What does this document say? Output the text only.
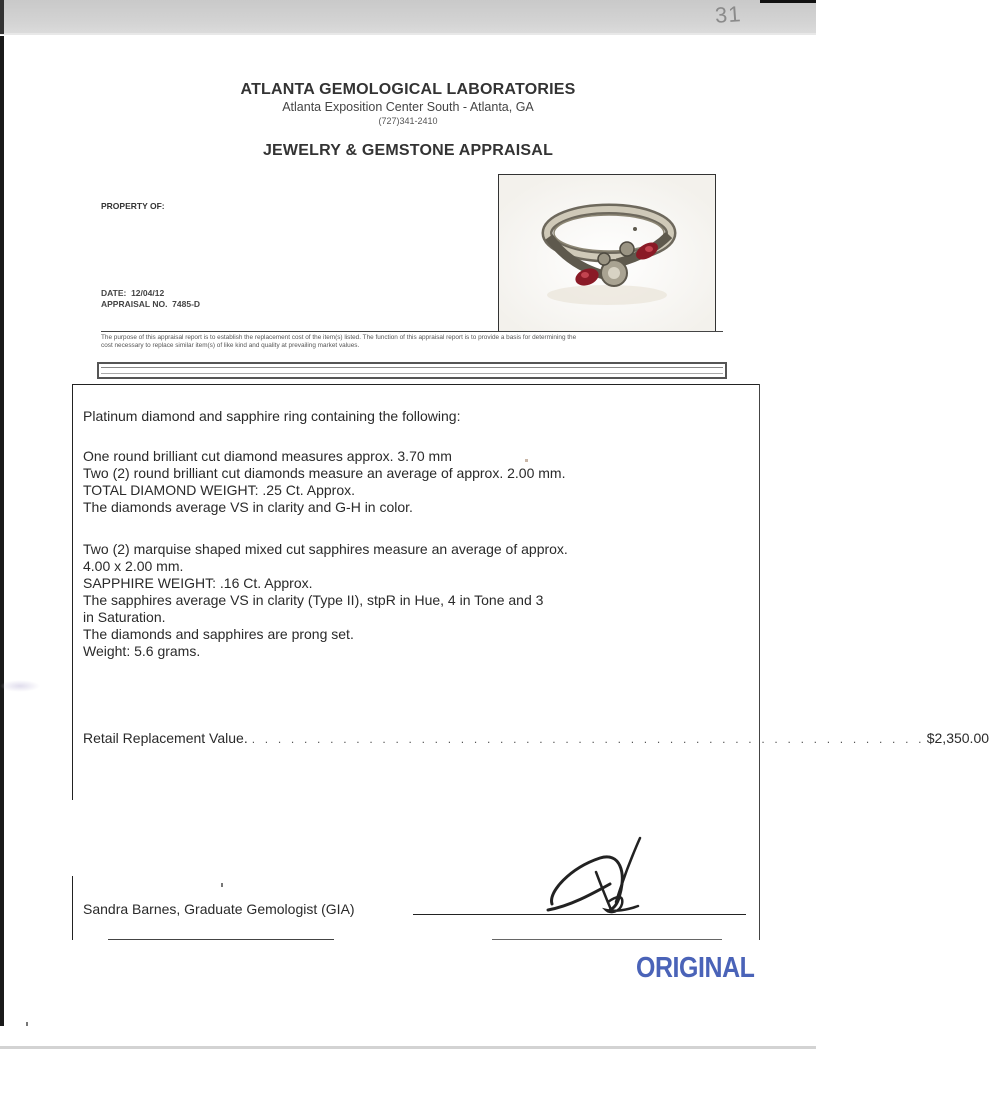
31
ATLANTA GEMOLOGICAL LABORATORIES
Atlanta Exposition Center South - Atlanta, GA
(727)341-2410
JEWELRY & GEMSTONE APPRAISAL
PROPERTY OF:
DATE: 12/04/12
APPRAISAL NO. 7485-D
The purpose of this appraisal report is to establish the replacement cost of the item(s) listed. The function of this appraisal report is to provide a basis for determining the
cost necessary to replace similar item(s) of like kind and quality at prevailing market values.
Platinum diamond and sapphire ring containing the following:
One round brilliant cut diamond measures approx. 3.70 mm
Two (2) round brilliant cut diamonds measure an average of approx. 2.00 mm.
TOTAL DIAMOND WEIGHT: .25 Ct. Approx.
The diamonds average VS in clarity and G-H in color.
Two (2) marquise shaped mixed cut sapphires measure an average of approx.
4.00 x 2.00 mm.
SAPPHIRE WEIGHT: .16 Ct. Approx.
The sapphires average VS in clarity (Type II), stpR in Hue, 4 in Tone and 3
in Saturation.
The diamonds and sapphires are prong set.
Weight: 5.6 grams.
Retail Replacement Value. . . . . . . . . . . . . . . . . . . . . . . . . . . . . . . . . . . . . . . . . . . . . . . . . . . . . $2,350.00
Sandra Barnes, Graduate Gemologist (GIA)
ORIGINAL
